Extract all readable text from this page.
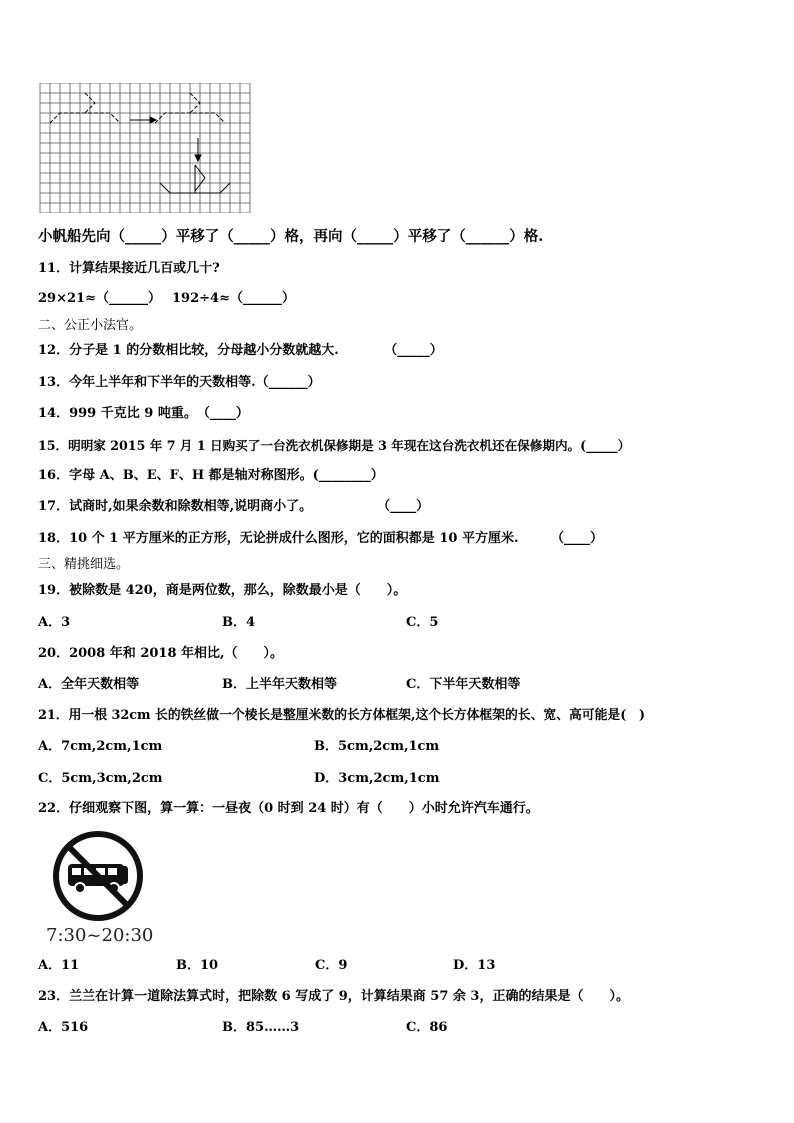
小帆船先向（_____）平移了（_____）格，再向（_____）平移了（______）格.
11．计算结果接近几百或几十?
29×21≈（______） 192÷4≈（______）
二、公正小法官。
12．分子是 1 的分数相比较，分母越小分数就越大.　　　　（_____）
13．今年上半年和下半年的天数相等.（______）
14．999 千克比 9 吨重。　（____）
15．明明家 2015 年 7 月 1 日购买了一台洗衣机保修期是 3 年现在这台洗衣机还在保修期内。(_____）
16．字母 A、B、E、F、H 都是轴对称图形。(________）
17．试商时,如果余数和除数相等,说明商小了。　　　　　　（____）
18．10 个 1 平方厘米的正方形，无论拼成什么图形，它的面积都是 10 平方厘米.　　　（____）
三、精挑细选。
19．被除数是 420，商是两位数，那么，除数最小是（　　）。
A．3	B．4	C．5
20．2008 年和 2018 年相比,（　　）。
A．全年天数相等	B．上半年天数相等	C．下半年天数相等
21．用一根 32cm 长的铁丝做一个棱长是整厘米数的长方体框架,这个长方体框架的长、宽、高可能是(　)
A．7cm,2cm,1cm	B．5cm,2cm,1cm
C．5cm,3cm,2cm	D．3cm,2cm,1cm
22．仔细观察下图，算一算：一昼夜（0 时到 24 时）有（　　）小时允许汽车通行。
7:30~20:30
A．11	B．10	C．9	D．13
23．兰兰在计算一道除法算式时，把除数 6 写成了 9，计算结果商 57 余 3，正确的结果是（　　）。
A．516	B．85……3	C．86
